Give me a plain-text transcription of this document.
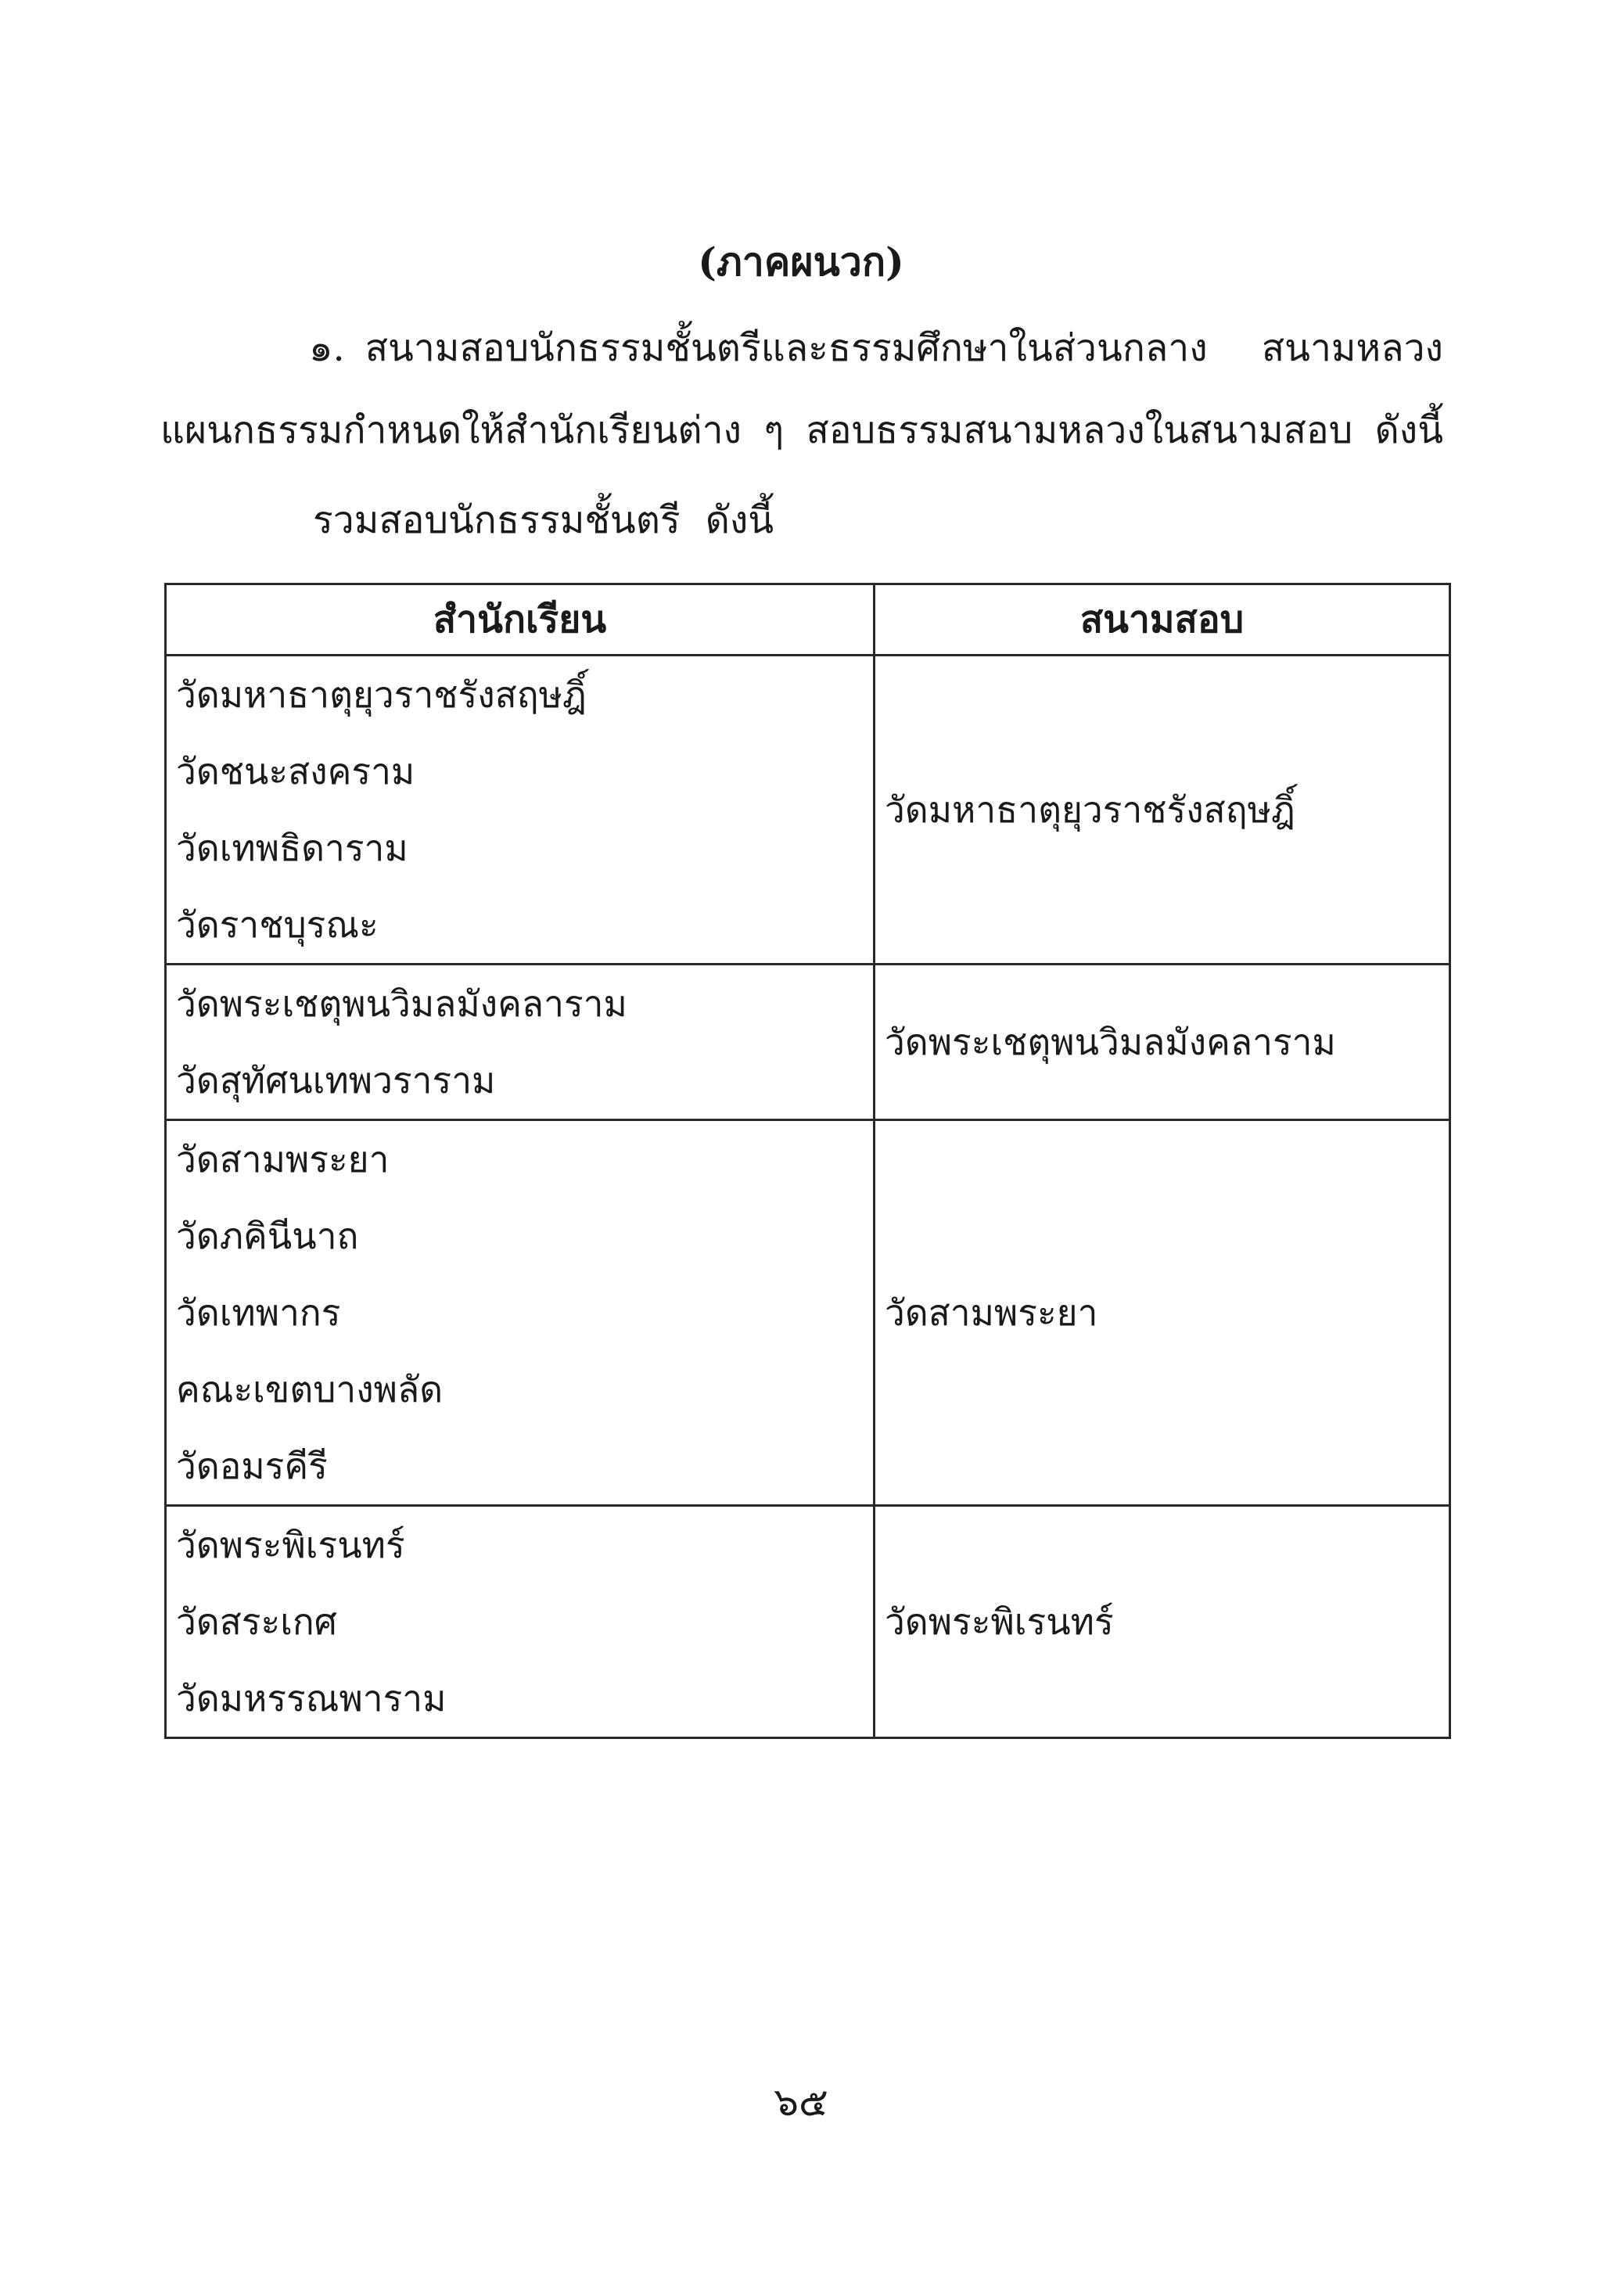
(ภาคผนวก)
๑. สนามสอบนักธรรมชั้นตรีและธรรมศึกษาในส่วนกลาง สนามหลวง
แผนกธรรมกำหนดให้สำนักเรียนต่าง ๆ สอบธรรมสนามหลวงในสนามสอบ ดังนี้
รวมสอบนักธรรมชั้นตรี ดังนี้
สำนักเรียน	สนามสอบ

วัดมหาธาตุยุวราชรังสฤษฎิ์
วัดชนะสงคราม
วัดเทพธิดาราม
วัดราชบุรณะ	วัดมหาธาตุยุวราชรังสฤษฎิ์

วัดพระเชตุพนวิมลมังคลาราม
วัดสุทัศนเทพวราราม	วัดพระเชตุพนวิมลมังคลาราม

วัดสามพระยา
วัดภคินีนาถ
วัดเทพากร
คณะเขตบางพลัด
วัดอมรคีรี	วัดสามพระยา

วัดพระพิเรนทร์
วัดสระเกศ
วัดมหรรณพาราม	วัดพระพิเรนทร์
๖๕
